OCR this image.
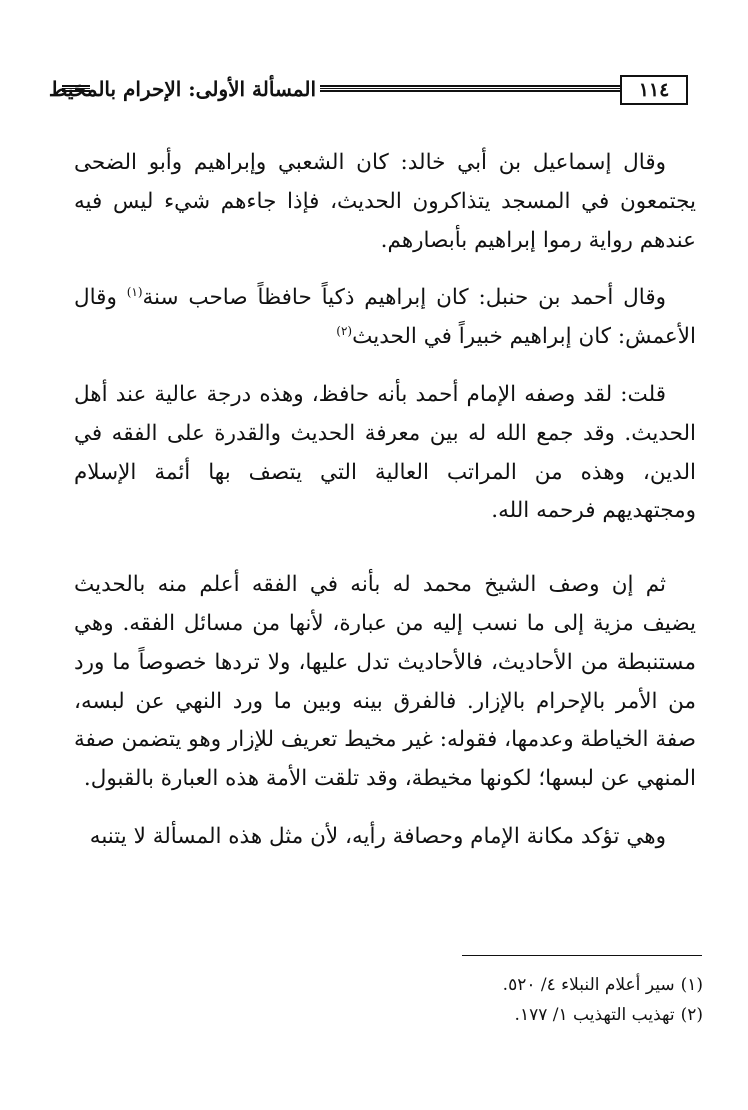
المسألة الأولى: الإحرام بالمخيط	١١٤

وقال إسماعيل بن أبي خالد: كان الشعبي وإبراهيم وأبو الضحى يجتمعون في المسجد يتذاكرون الحديث، فإذا جاءهم شيء ليس فيه عندهم رواية رموا إبراهيم بأبصارهم.

وقال أحمد بن حنبل: كان إبراهيم ذكياً حافظاً صاحب سنة$^{(١)}$ وقال الأعمش: كان إبراهيم خبيراً في الحديث$^{(٢)}$

قلت: لقد وصفه الإمام أحمد بأنه حافظ، وهذه درجة عالية عند أهل الحديث. وقد جمع الله له بين معرفة الحديث والقدرة على الفقه في الدين، وهذه من المراتب العالية التي يتصف بها أئمة الإسلام ومجتهديهم فرحمه الله.

ثم إن وصف الشيخ محمد له بأنه في الفقه أعلم منه بالحديث يضيف مزية إلى ما نسب إليه من عبارة، لأنها من مسائل الفقه. وهي مستنبطة من الأحاديث، فالأحاديث تدل عليها، ولا تردها خصوصاً ما ورد من الأمر بالإحرام بالإزار. فالفرق بينه وبين ما ورد النهي عن لبسه، صفة الخياطة وعدمها، فقوله: غير مخيط تعريف للإزار وهو يتضمن صفة المنهي عن لبسها؛ لكونها مخيطة، وقد تلقت الأمة هذه العبارة بالقبول.

وهي تؤكد مكانة الإمام وحصافة رأيه، لأن مثل هذه المسألة لا يتنبه

(١)سير أعلام النبلاء ٤/ ٥٢٠.

(٢)تهذيب التهذيب ١/ ١٧٧.
